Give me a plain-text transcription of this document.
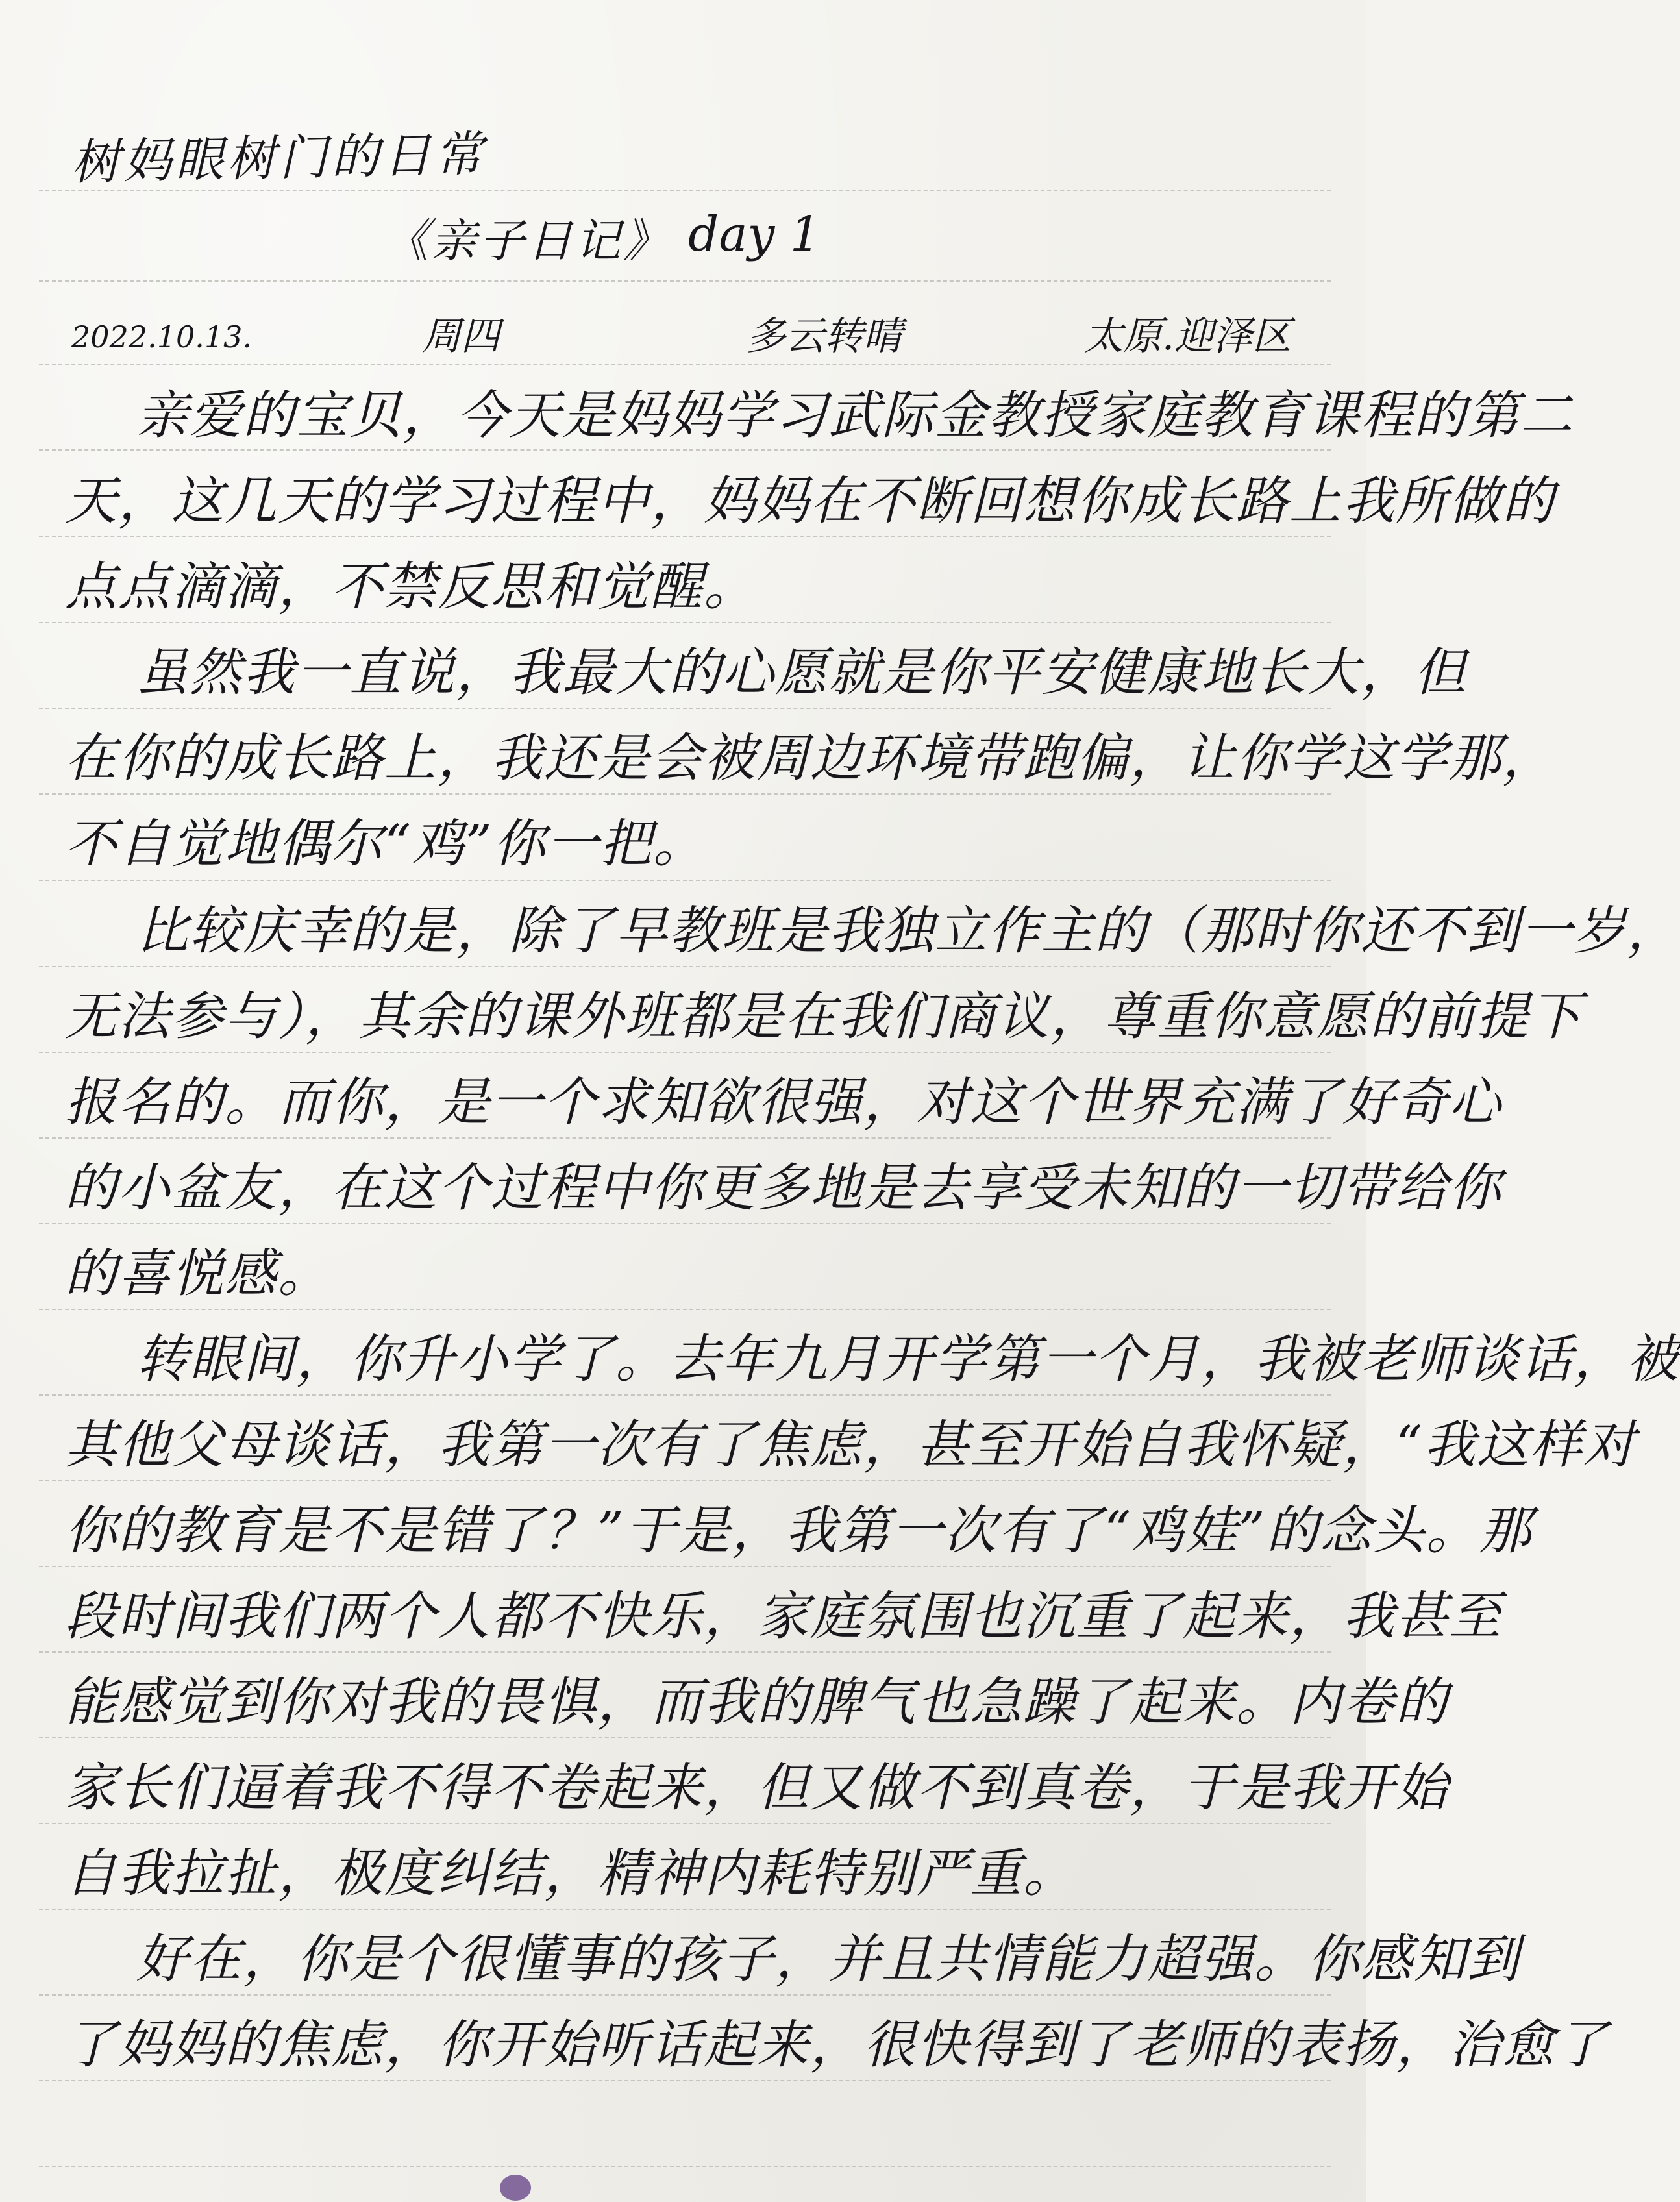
树妈眼树门的日常
《亲子日记》 day 1
2022.10.13.	周四	多云转晴	太原.迎泽区
亲爱的宝贝，今天是妈妈学习武际金教授家庭教育课程的第二
天，这几天的学习过程中，妈妈在不断回想你成长路上我所做的
点点滴滴，不禁反思和觉醒。
虽然我一直说，我最大的心愿就是你平安健康地长大，但
在你的成长路上，我还是会被周边环境带跑偏，让你学这学那，
不自觉地偶尔“鸡”你一把。
比较庆幸的是，除了早教班是我独立作主的（那时你还不到一岁，
无法参与），其余的课外班都是在我们商议，尊重你意愿的前提下
报名的。而你，是一个求知欲很强，对这个世界充满了好奇心
的小盆友，在这个过程中你更多地是去享受未知的一切带给你
的喜悦感。
转眼间，你升小学了。去年九月开学第一个月，我被老师谈话，被
其他父母谈话，我第一次有了焦虑，甚至开始自我怀疑，“我这样对
你的教育是不是错了？”于是，我第一次有了“鸡娃”的念头。那
段时间我们两个人都不快乐，家庭氛围也沉重了起来，我甚至
能感觉到你对我的畏惧，而我的脾气也急躁了起来。内卷的
家长们逼着我不得不卷起来，但又做不到真卷，于是我开始
自我拉扯，极度纠结，精神内耗特别严重。
好在，你是个很懂事的孩子，并且共情能力超强。你感知到
了妈妈的焦虑，你开始听话起来，很快得到了老师的表扬，治愈了
